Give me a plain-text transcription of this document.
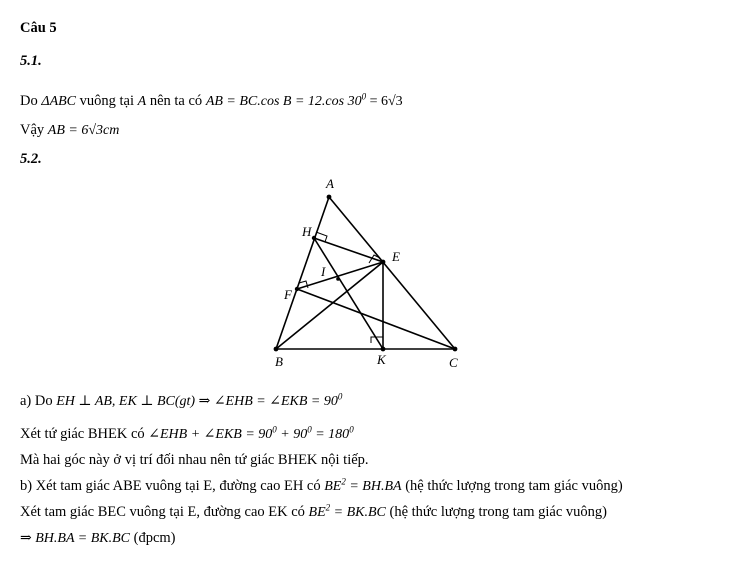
Câu 5
5.1.
Do ΔABC vuông tại A nên ta có AB = BC.cos B = 12.cos $30^0 = 6√3$
Vậy AB = 6√3cm
5.2.
A
H
E
I
F
B	K	C
a) Do EH ⊥ AB, EK ⊥ BC(gt) ⇒ ∠EHB = ∠EKB = $90^0$
Xét tứ giác BHEK có ∠EHB + ∠EKB = $90^0 + 90^0 = 180^0$
Mà hai góc này ở vị trí đối nhau nên tứ giác BHEK nội tiếp.
b) Xét tam giác ABE vuông tại E, đường cao EH có $BE^2 = BH.BA$ (hệ thức lượng trong tam giác vuông)
Xét tam giác BEC vuông tại E, đường cao EK có $BE^2 = BK.BC$ (hệ thức lượng trong tam giác vuông)
⇒ BH.BA = BK.BC (đpcm)
